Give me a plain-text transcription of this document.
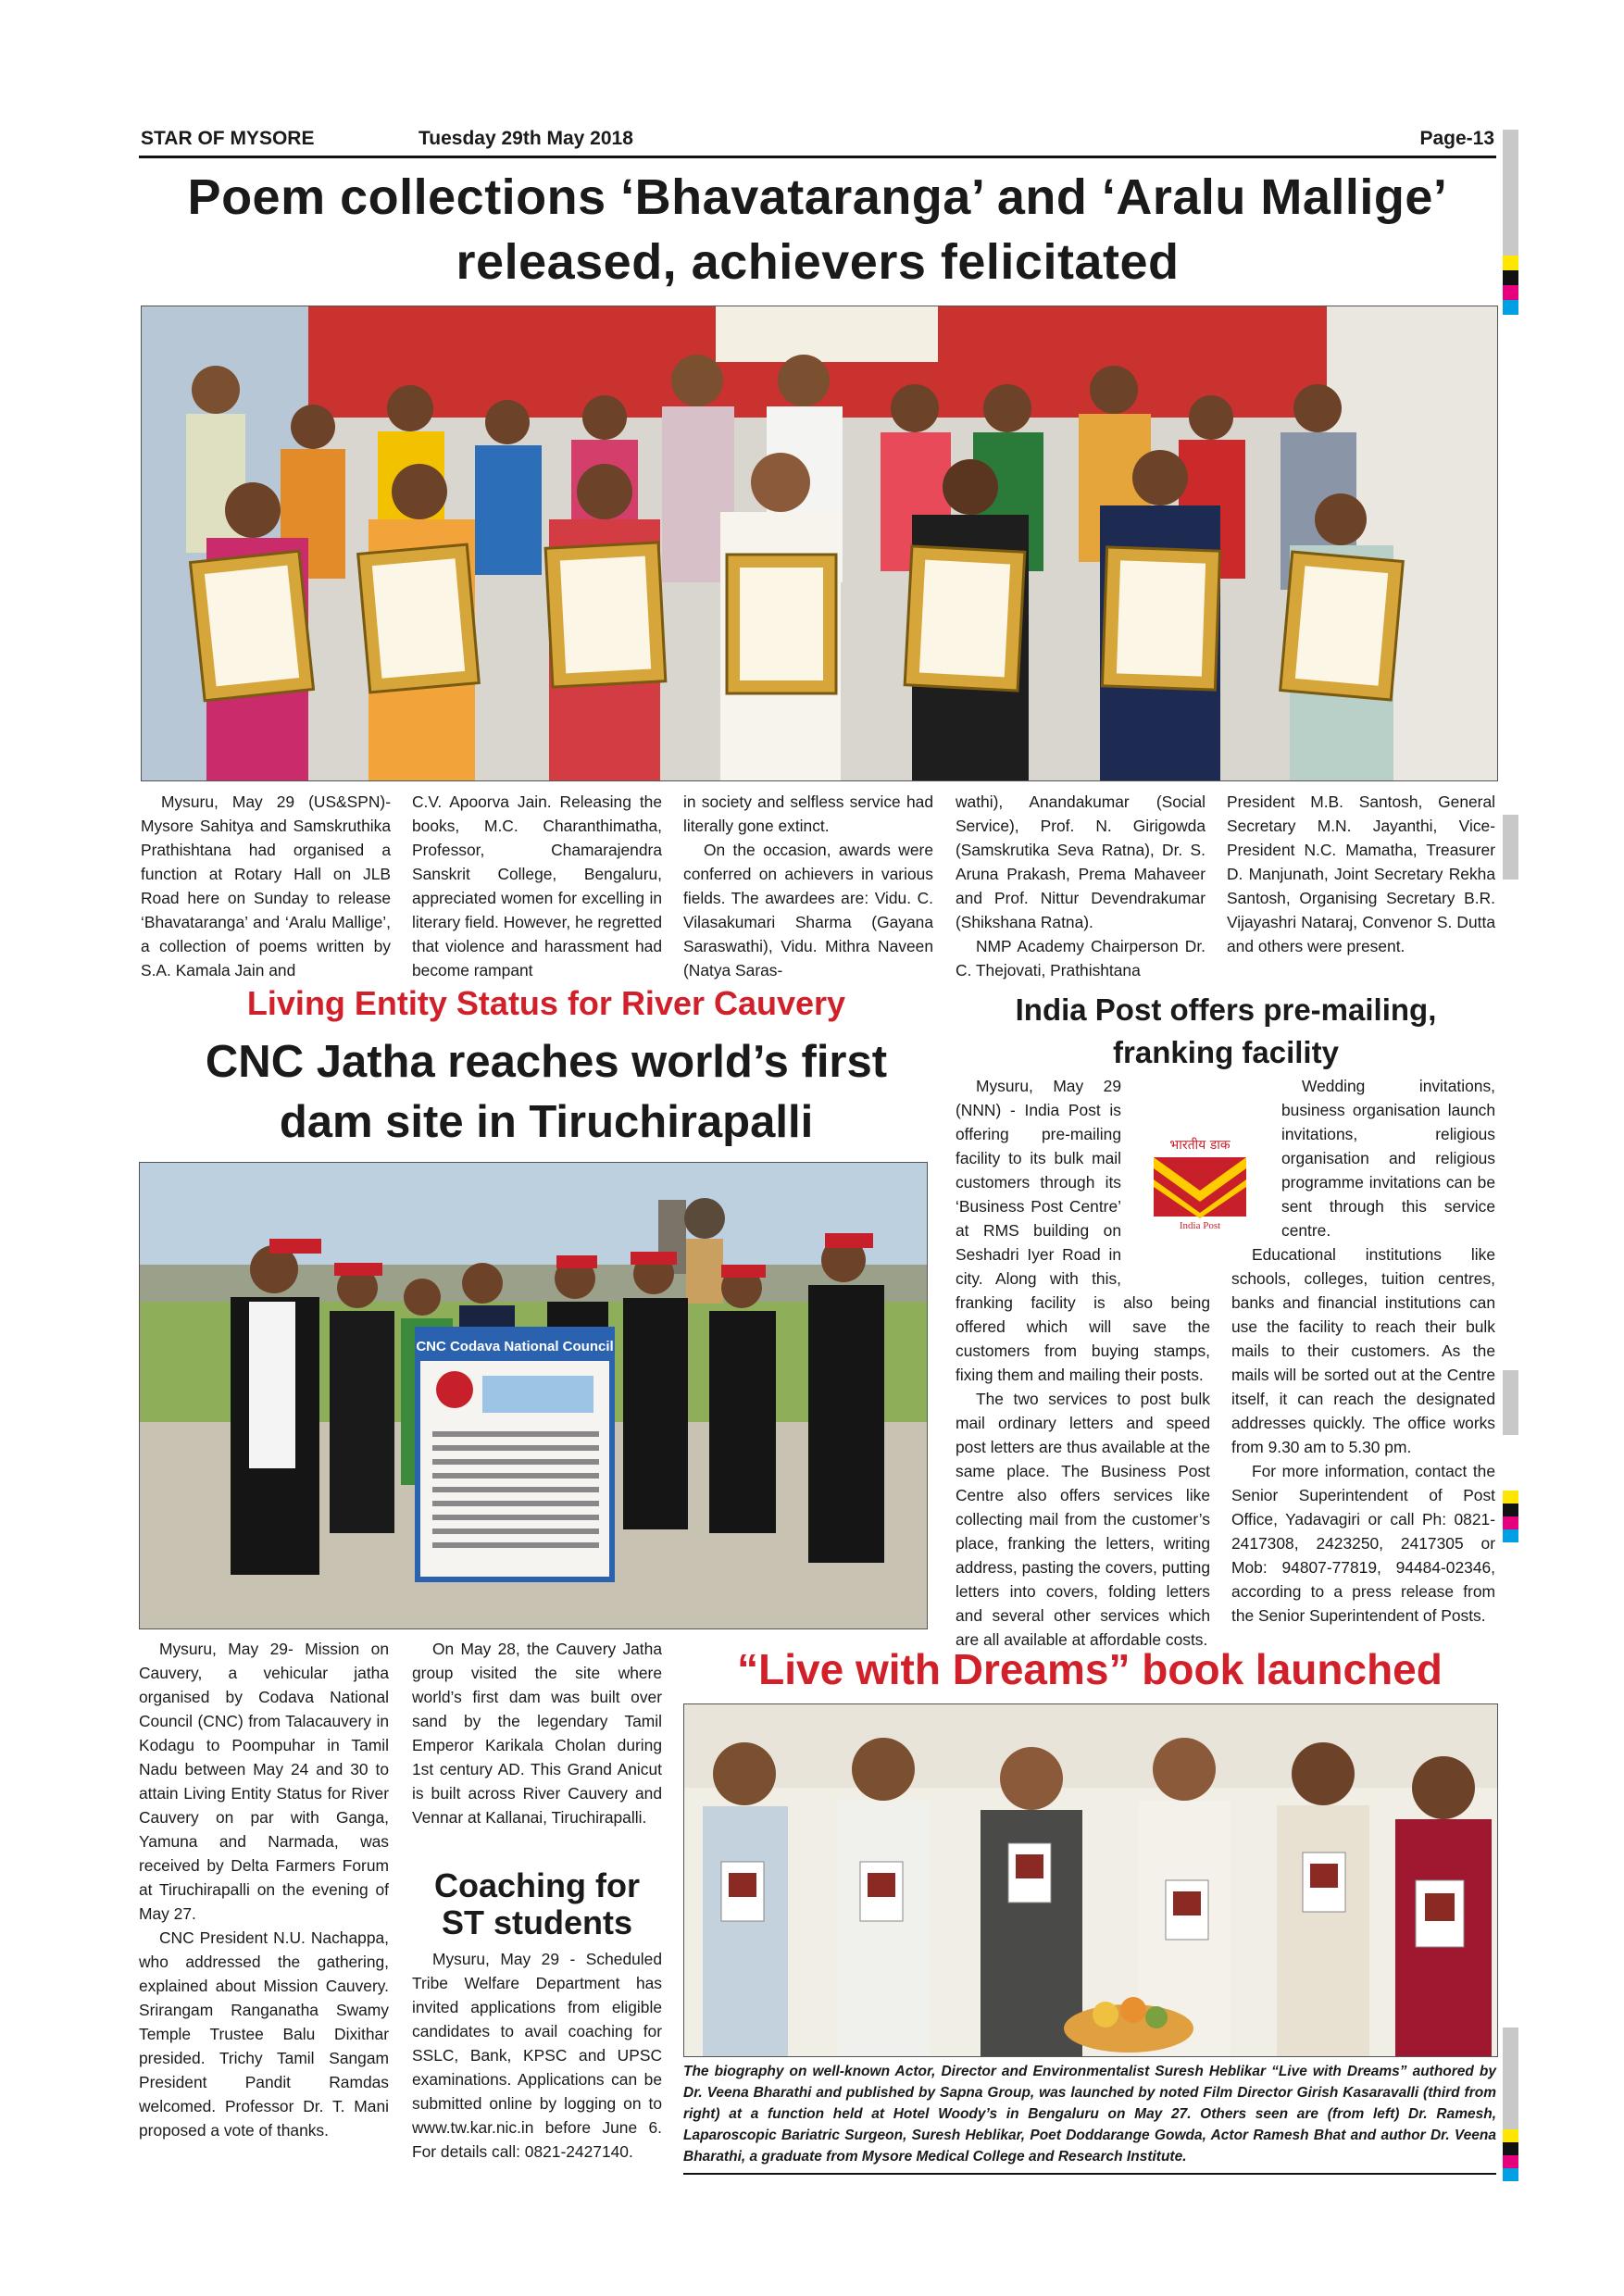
STAR OF MYSORE	Tuesday 29th May 2018	Page-13
Poem collections ‘Bhavataranga’ and ‘Aralu Mallige’
released, achievers felicitated

Mysuru, May 29 (US&SPN)- Mysore Sahitya and Samskruthika Prathishtana had organised a function at Rotary Hall on JLB Road here on Sunday to release ‘Bhavataranga’ and ‘Aralu Mallige’, a collection of poems written by S.A. Kamala Jain and

C.V. Apoorva Jain. Releasing the books, M.C. Charanthimatha, Professor, Chamarajendra Sanskrit College, Bengaluru, appreciated women for excelling in literary field. However, he regretted that violence and harassment had become rampant

in society and selfless service had literally gone extinct.

On the occasion, awards were conferred on achievers in various fields. The awardees are: Vidu. C. Vilasakumari Sharma (Gayana Saraswathi), Vidu. Mithra Naveen (Natya Saras-

wathi), Anandakumar (Social Service), Prof. N. Girigowda (Samskrutika Seva Ratna), Dr. S. Aruna Prakash, Prema Mahaveer and Prof. Nittur Devendrakumar (Shikshana Ratna).

NMP Academy Chairperson Dr. C. Thejovati, Prathishtana

President M.B. Santosh, General Secretary M.N. Jayanthi, Vice-President N.C. Mamatha, Treasurer D. Manjunath, Joint Secretary Rekha Santosh, Organising Secretary B.R. Vijayashri Nataraj, Convenor S. Dutta and others were present.

Living Entity Status for River Cauvery
CNC Jatha reaches world’s first
dam site in Tiruchirapalli
CNC Codava National Council

Mysuru, May 29- Mission on Cauvery, a vehicular jatha organised by Codava National Council (CNC) from Talacauvery in Kodagu to Poompuhar in Tamil Nadu between May 24 and 30 to attain Living Entity Status for River Cauvery on par with Ganga, Yamuna and Narmada, was received by Delta Farmers Forum at Tiruchirapalli on the evening of May 27.

CNC President N.U. Nachappa, who addressed the gathering, explained about Mission Cauvery. Srirangam Ranganatha Swamy Temple Trustee Balu Dixithar presided. Trichy Tamil Sangam President Pandit Ramdas welcomed. Professor Dr. T. Mani proposed a vote of thanks.

On May 28, the Cauvery Jatha group visited the site where world’s first dam was built over sand by the legendary Tamil Emperor Karikala Cholan during 1st century AD. This Grand Anicut is built across River Cauvery and Vennar at Kallanai, Tiruchirapalli.

Coaching for
ST students

Mysuru, May 29 - Scheduled Tribe Welfare Department has invited applications from eligible candidates to avail coaching for SSLC, Bank, KPSC and UPSC examinations. Applications can be submitted online by logging on to www.tw.kar.nic.in before June 6. For details call: 0821-2427140.

India Post offers pre-mailing,
franking facility
भारतीय डाक
India Post

Mysuru, May 29 (NNN) - India Post is offering pre-mailing facility to its bulk mail customers through its ‘Business Post Centre’ at RMS building on Seshadri Iyer Road in city. Along with this, franking facility is also being offered which will save the customers from buying stamps, fixing them and mailing their posts.

The two services to post bulk mail ordinary letters and speed post letters are thus available at the same place. The Business Post Centre also offers services like collecting mail from the customer’s place, franking the letters, writing address, pasting the covers, putting letters into covers, folding letters and several other services which are all available at affordable costs.

Wedding invitations, business organisation launch invitations, religious organisation and religious programme invitations can be sent through this service centre.

Educational institutions like schools, colleges, tuition centres, banks and financial institutions can use the facility to reach their bulk mails to their customers. As the mails will be sorted out at the Centre itself, it can reach the designated addresses quickly. The office works from 9.30 am to 5.30 pm.

For more information, contact the Senior Superintendent of Post Office, Yadavagiri or call Ph: 0821-2417308, 2423250, 2417305 or Mob: 94807-77819, 94484-02346, according to a press release from the Senior Superintendent of Posts.

“Live with Dreams” book launched
The biography on well-known Actor, Director and Environmentalist Suresh Heblikar “Live with Dreams” authored by Dr. Veena Bharathi and published by Sapna Group, was launched by noted Film Director Girish Kasaravalli (third from right) at a function held at Hotel Woody’s in Bengaluru on May 27. Others seen are (from left) Dr. Ramesh, Laparoscopic Bariatric Surgeon, Suresh Heblikar, Poet Doddarange Gowda, Actor Ramesh Bhat and author Dr. Veena Bharathi, a graduate from Mysore Medical College and Research Institute.
